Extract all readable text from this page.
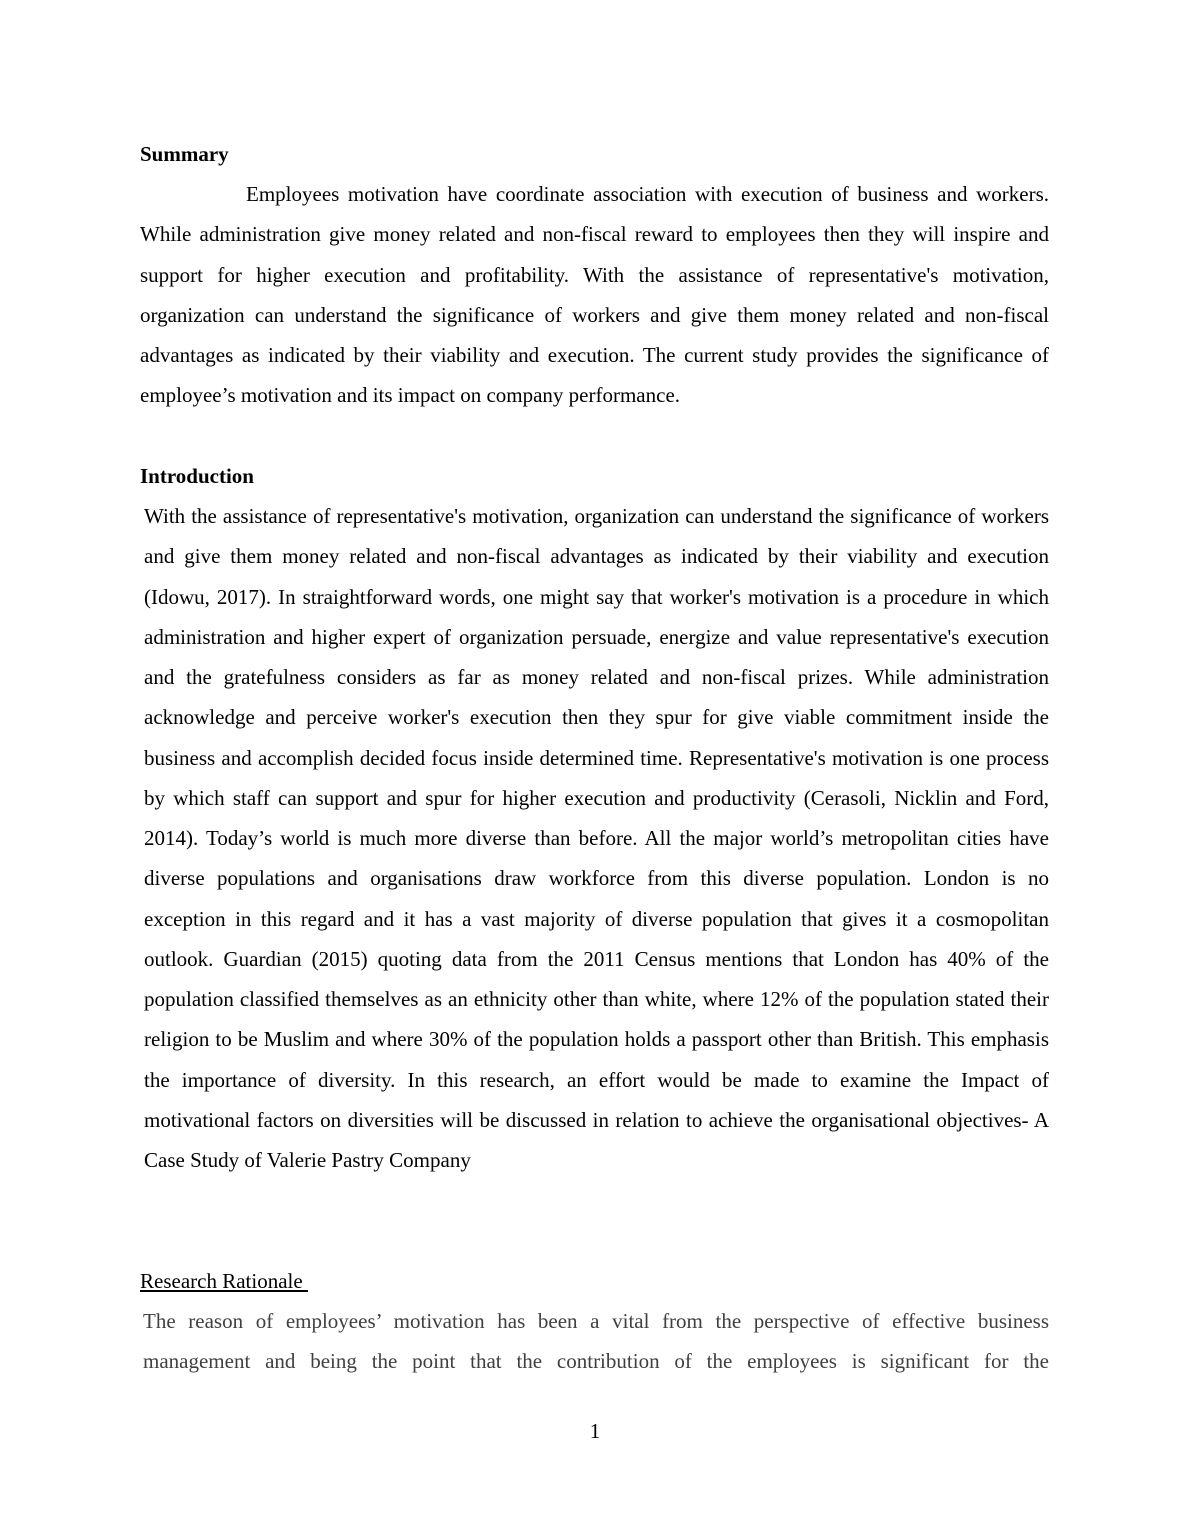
Summary

Employees motivation have coordinate association with execution of business and workers. While administration give money related and non-fiscal reward to employees then they will inspire and support for higher execution and profitability. With the assistance of representative's motivation, organization can understand the significance of workers and give them money related and non-fiscal advantages as indicated by their viability and execution. The current study provides the significance of employee’s motivation and its impact on company performance.

Introduction

With the assistance of representative's motivation, organization can understand the significance of workers and give them money related and non-fiscal advantages as indicated by their viability and execution (Idowu, 2017). In straightforward words, one might say that worker's motivation is a procedure in which administration and higher expert of organization persuade, energize and value representative's execution and the gratefulness considers as far as money related and non-fiscal prizes. While administration acknowledge and perceive worker's execution then they spur for give viable commitment inside the business and accomplish decided focus inside determined time. Representative's motivation is one process by which staff can support and spur for higher execution and productivity (Cerasoli, Nicklin and Ford, 2014). Today’s world is much more diverse than before. All the major world’s metropolitan cities have diverse populations and organisations draw workforce from this diverse population. London is no exception in this regard and it has a vast majority of diverse population that gives it a cosmopolitan outlook. Guardian (2015) quoting data from the 2011 Census mentions that London has 40% of the population classified themselves as an ethnicity other than white, where 12% of the population stated their religion to be Muslim and where 30% of the population holds a passport other than British. This emphasis the importance of diversity. In this research, an effort would be made to examine the Impact of motivational factors on diversities will be discussed in relation to achieve the organisational objectives- A Case Study of Valerie Pastry Company

Research Rationale

The reason of employees’ motivation has been a vital from the perspective of effective business management and being the point that the contribution of the employees is significant for the

1
